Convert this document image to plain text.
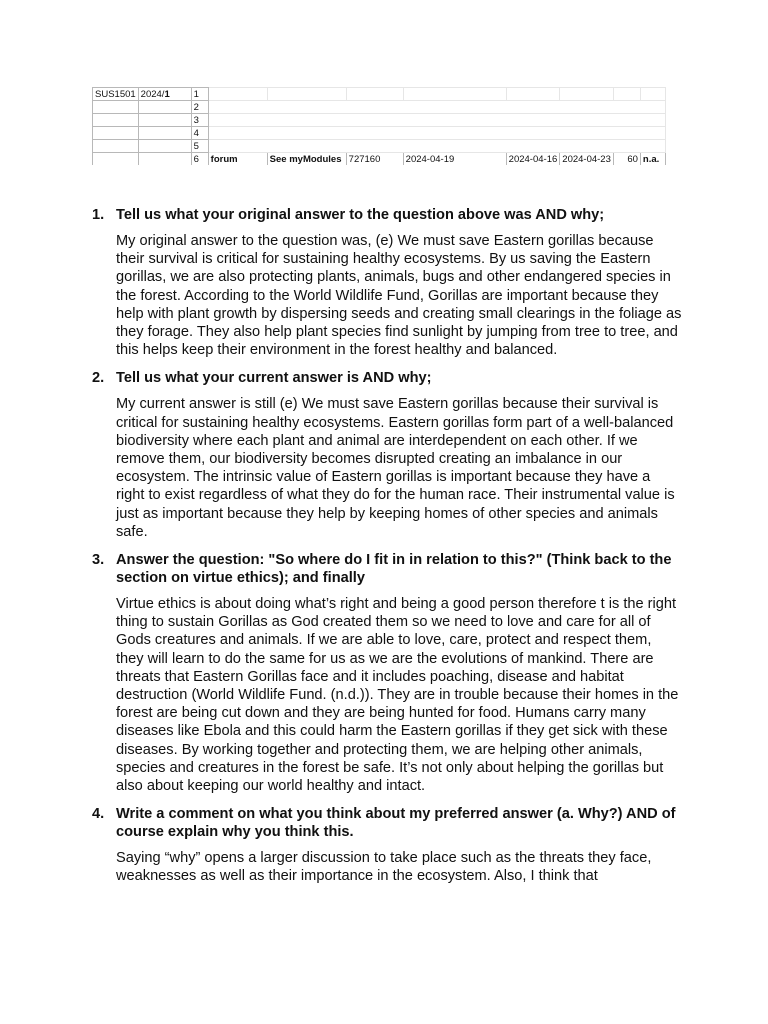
SUS1501	2024/1	1								
		2								
		3								
		4								
		5								
		6	forum	See myModules	727160	2024-04-19	2024-04-16	2024-04-23	60	n.a.
1. Tell us what your original answer to the question above was AND why;
My original answer to the question was, (e) We must save Eastern gorillas because their survival is critical for sustaining healthy ecosystems. By us saving the Eastern gorillas, we are also protecting plants, animals, bugs and other endangered species in the forest. According to the World Wildlife Fund, Gorillas are important because they help with plant growth by dispersing seeds and creating small clearings in the foliage as they forage. They also help plant species find sunlight by jumping from tree to tree, and this helps keep their environment in the forest healthy and balanced.
2. Tell us what your current answer is AND why;
My current answer is still (e) We must save Eastern gorillas because their survival is critical for sustaining healthy ecosystems. Eastern gorillas form part of a well-balanced biodiversity where each plant and animal are interdependent on each other. If we remove them, our biodiversity becomes disrupted creating an imbalance in our ecosystem. The intrinsic value of Eastern gorillas is important because they have a right to exist regardless of what they do for the human race. Their instrumental value is just as important because they help by keeping homes of other species and animals safe.
3. Answer the question: "So where do I fit in in relation to this?" (Think back to the section on virtue ethics); and finally
Virtue ethics is about doing what’s right and being a good person therefore t is the right thing to sustain Gorillas as God created them so we need to love and care for all of Gods creatures and animals. If we are able to love, care, protect and respect them, they will learn to do the same for us as we are the evolutions of mankind. There are threats that Eastern Gorillas face and it includes poaching, disease and habitat destruction (World Wildlife Fund. (n.d.)). They are in trouble because their homes in the forest are being cut down and they are being hunted for food. Humans carry many diseases like Ebola and this could harm the Eastern gorillas if they get sick with these diseases. By working together and protecting them, we are helping other animals, species and creatures in the forest be safe. It’s not only about helping the gorillas but also about keeping our world healthy and intact.
4. Write a comment on what you think about my preferred answer (a. Why?) AND of course explain why you think this.
Saying “why” opens a larger discussion to take place such as the threats they face, weaknesses as well as their importance in the ecosystem. Also, I think that
